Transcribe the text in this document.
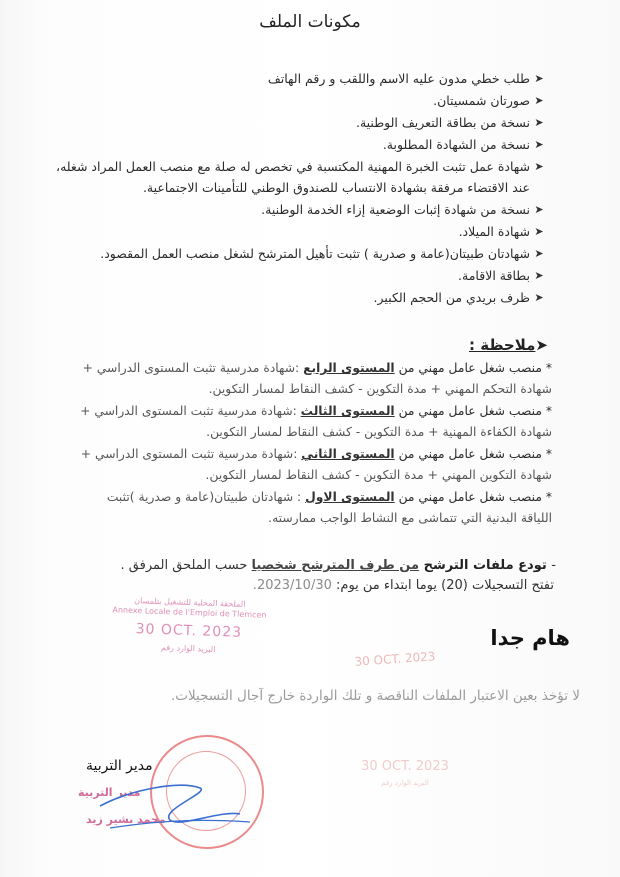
مكونات الملف
➤
طلب خطي مدون عليه الاسم واللقب و رقم الهاتف
➤
صورتان شمسيتان.
➤
نسخة من بطاقة التعريف الوطنية.
➤
نسخة من الشهادة المطلوبة.
➤
شهادة عمل تثبت الخبرة المهنية المكتسبة في تخصص له صلة مع منصب العمل المراد شغله، عند الاقتضاء مرفقة بشهادة الانتساب للصندوق الوطني للتأمينات الاجتماعية.
➤
نسخة من شهادة إثبات الوضعية إزاء الخدمة الوطنية.
➤
شهادة الميلاد.
➤
شهادتان طبيتان(عامة و صدرية ) تثبت تأهيل المترشح لشغل منصب العمل المقصود.
➤
بطاقة الاقامة.
➤
ظرف بريدي من الحجم الكبير.
➤ملاحظة :
* منصب شغل عامل مهني من المستوى الرابع :شهادة مدرسية تثبت المستوى الدراسي +
شهادة التحكم المهني + مدة التكوين - كشف النقاط لمسار التكوين.
* منصب شغل عامل مهني من المستوى الثالث :شهادة مدرسية تثبت المستوى الدراسي +
شهادة الكفاءة المهنية + مدة التكوين - كشف النقاط لمسار التكوين.
* منصب شغل عامل مهني من المستوى الثاني :شهادة مدرسية تثبت المستوى الدراسي +
شهادة التكوين المهني + مدة التكوين - كشف النقاط لمسار التكوين.
* منصب شغل عامل مهني من المستوى الاول : شهادتان طبيتان(عامة و صدرية )تثبت
اللياقة البدنية التي تتماشى مع النشاط الواجب ممارسته.
- تودع ملفات الترشح من طرف المترشح شخصيا حسب الملحق المرفق .
تفتح التسجيلات (20) يوما ابتداء من يوم: 2023/10/30.
الملحقة المحلية للتشغيل بتلمسان
Annexe Locale de l'Emploi de Tlemcen
30 OCT. 2023
البريد الوارد رقم	هام جدا
30 OCT. 2023
لا تؤخذ بعين الاعتبار الملفات الناقصة و تلك الواردة خارج آجال التسجيلات.
30 OCT. 2023
البريد الوارد رقم
مدير التربية
مدير التربية
محمد بشير زيد
